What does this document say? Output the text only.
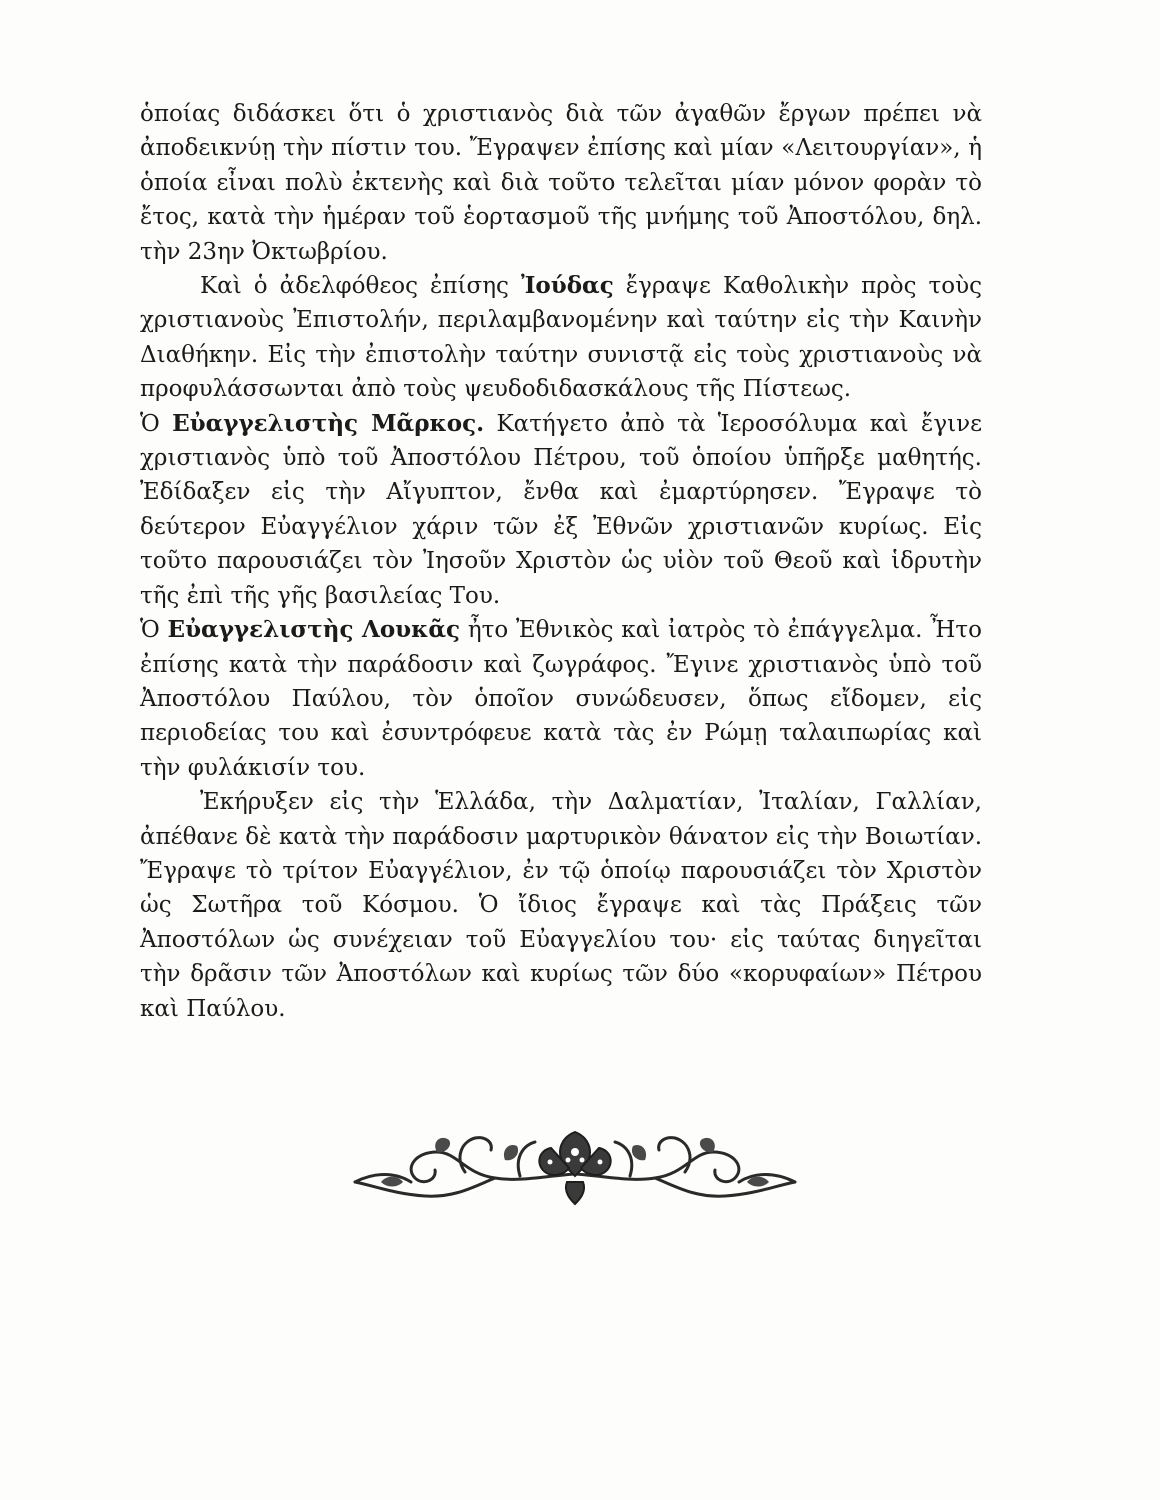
ὁποίας διδάσκει ὅτι ὁ χριστιανὸς διὰ τῶν ἀγαθῶν ἔργων πρέπει νὰ ἀποδεικνύῃ τὴν πίστιν του. Ἔγραψεν ἐπίσης καὶ μίαν «Λειτουργίαν», ἡ ὁποία εἶναι πολὺ ἐκτενὴς καὶ διὰ τοῦτο τελεῖται μίαν μόνον φορὰν τὸ ἔτος, κατὰ τὴν ἡμέραν τοῦ ἑορτασμοῦ τῆς μνήμης τοῦ Ἀποστόλου, δηλ. τὴν 23ην Ὀκτωβρίου.

Καὶ ὁ ἀδελφόθεος ἐπίσης Ἰούδας ἔγραψε Καθολικὴν πρὸς τοὺς χριστιανοὺς Ἐπιστολήν, περιλαμβανομένην καὶ ταύτην εἰς τὴν Καινὴν Διαθήκην. Εἰς τὴν ἐπιστολὴν ταύτην συνιστᾷ εἰς τοὺς χριστιανοὺς νὰ προφυλάσσωνται ἀπὸ τοὺς ψευδοδιδασκάλους τῆς Πίστεως.

Ὁ Εὐαγγελιστὴς Μᾶρκος. Κατήγετο ἀπὸ τὰ Ἱεροσόλυμα καὶ ἔγινε χριστιανὸς ὑπὸ τοῦ Ἀποστόλου Πέτρου, τοῦ ὁποίου ὑπῆρξε μαθητής. Ἐδίδαξεν εἰς τὴν Αἴγυπτον, ἔνθα καὶ ἐμαρτύρησεν. Ἔγραψε τὸ δεύτερον Εὐαγγέλιον χάριν τῶν ἐξ Ἐθνῶν χριστιανῶν κυρίως. Εἰς τοῦτο παρουσιάζει τὸν Ἰησοῦν Χριστὸν ὡς υἱὸν τοῦ Θεοῦ καὶ ἱδρυτὴν τῆς ἐπὶ τῆς γῆς βασιλείας Του.

Ὁ Εὐαγγελιστὴς Λουκᾶς ἦτο Ἐθνικὸς καὶ ἰατρὸς τὸ ἐπάγγελμα. Ἦτο ἐπίσης κατὰ τὴν παράδοσιν καὶ ζωγράφος. Ἔγινε χριστιανὸς ὑπὸ τοῦ Ἀποστόλου Παύλου, τὸν ὁποῖον συνώδευσεν, ὅπως εἴδομεν, εἰς περιοδείας του καὶ ἐσυντρόφευε κατὰ τὰς ἐν Ρώμῃ ταλαιπωρίας καὶ τὴν φυλάκισίν του.

Ἐκήρυξεν εἰς τὴν Ἑλλάδα, τὴν Δαλματίαν, Ἰταλίαν, Γαλλίαν, ἀπέθανε δὲ κατὰ τὴν παράδοσιν μαρτυρικὸν θάνατον εἰς τὴν Βοιωτίαν. Ἔγραψε τὸ τρίτον Εὐαγγέλιον, ἐν τῷ ὁποίῳ παρουσιάζει τὸν Χριστὸν ὡς Σωτῆρα τοῦ Κόσμου. Ὁ ἴδιος ἔγραψε καὶ τὰς Πράξεις τῶν Ἀποστόλων ὡς συνέχειαν τοῦ Εὐαγγελίου του· εἰς ταύτας διηγεῖται τὴν δρᾶσιν τῶν Ἀποστόλων καὶ κυρίως τῶν δύο «κορυφαίων» Πέτρου καὶ Παύλου.
